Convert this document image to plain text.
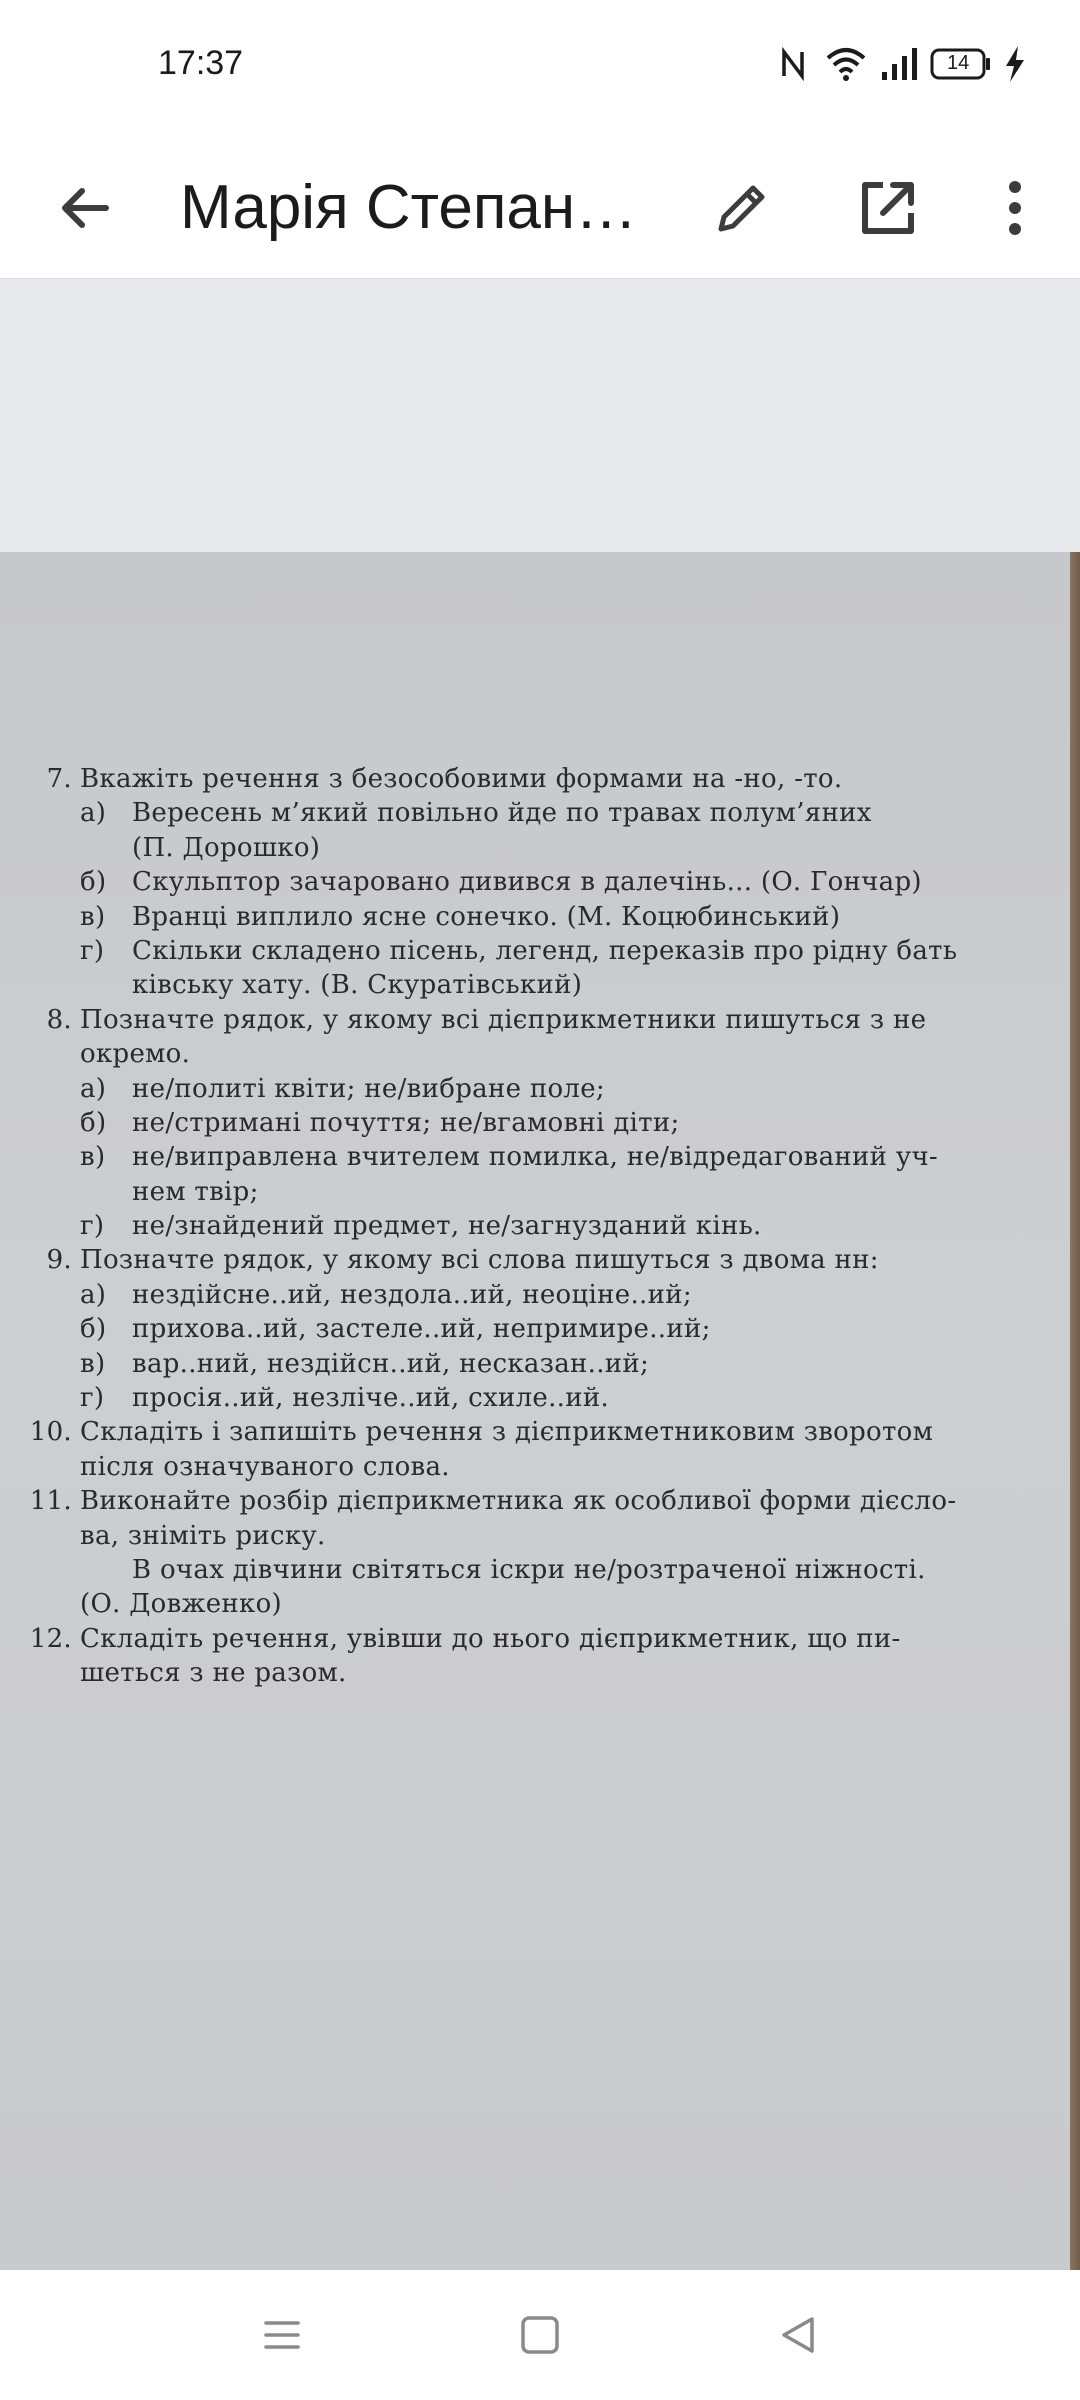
17:37	14
Марія Степан…
7. Вкажіть речення з безособовими формами на -но, -то.
а) Вересень м’який повільно йде по травах полум’яних
(П. Дорошко)
б) Скульптор зачаровано дивився в далечінь... (О. Гончар)
в) Вранці виплило ясне сонечко. (М. Коцюбинський)
г) Скільки складено пісень, легенд, переказів про рідну бать
ківську хату. (В. Скуратівський)
8. Позначте рядок, у якому всі дієприкметники пишуться з не
окремо.
а) не/политі квіти; не/вибране поле;
б) не/стримані почуття; не/вгамовні діти;
в) не/виправлена вчителем помилка, не/відредагований уч-
нем твір;
г) не/знайдений предмет, не/загнузданий кінь.
9. Позначте рядок, у якому всі слова пишуться з двома нн:
а) нездійсне..ий, нездола..ий, неоціне..ий;
б) прихова..ий, застеле..ий, непримире..ий;
в) вар..ний, нездійсн..ий, несказан..ий;
г) просія..ий, незліче..ий, схиле..ий.
10. Складіть і запишіть речення з дієприкметниковим зворотом
після означуваного слова.
11. Виконайте розбір дієприкметника як особливої форми дієсло-
ва, зніміть риску.
В очах дівчини світяться іскри не/розтраченої ніжності.
(О. Довженко)
12. Складіть речення, увівши до нього дієприкметник, що пи-
шеться з не разом.
